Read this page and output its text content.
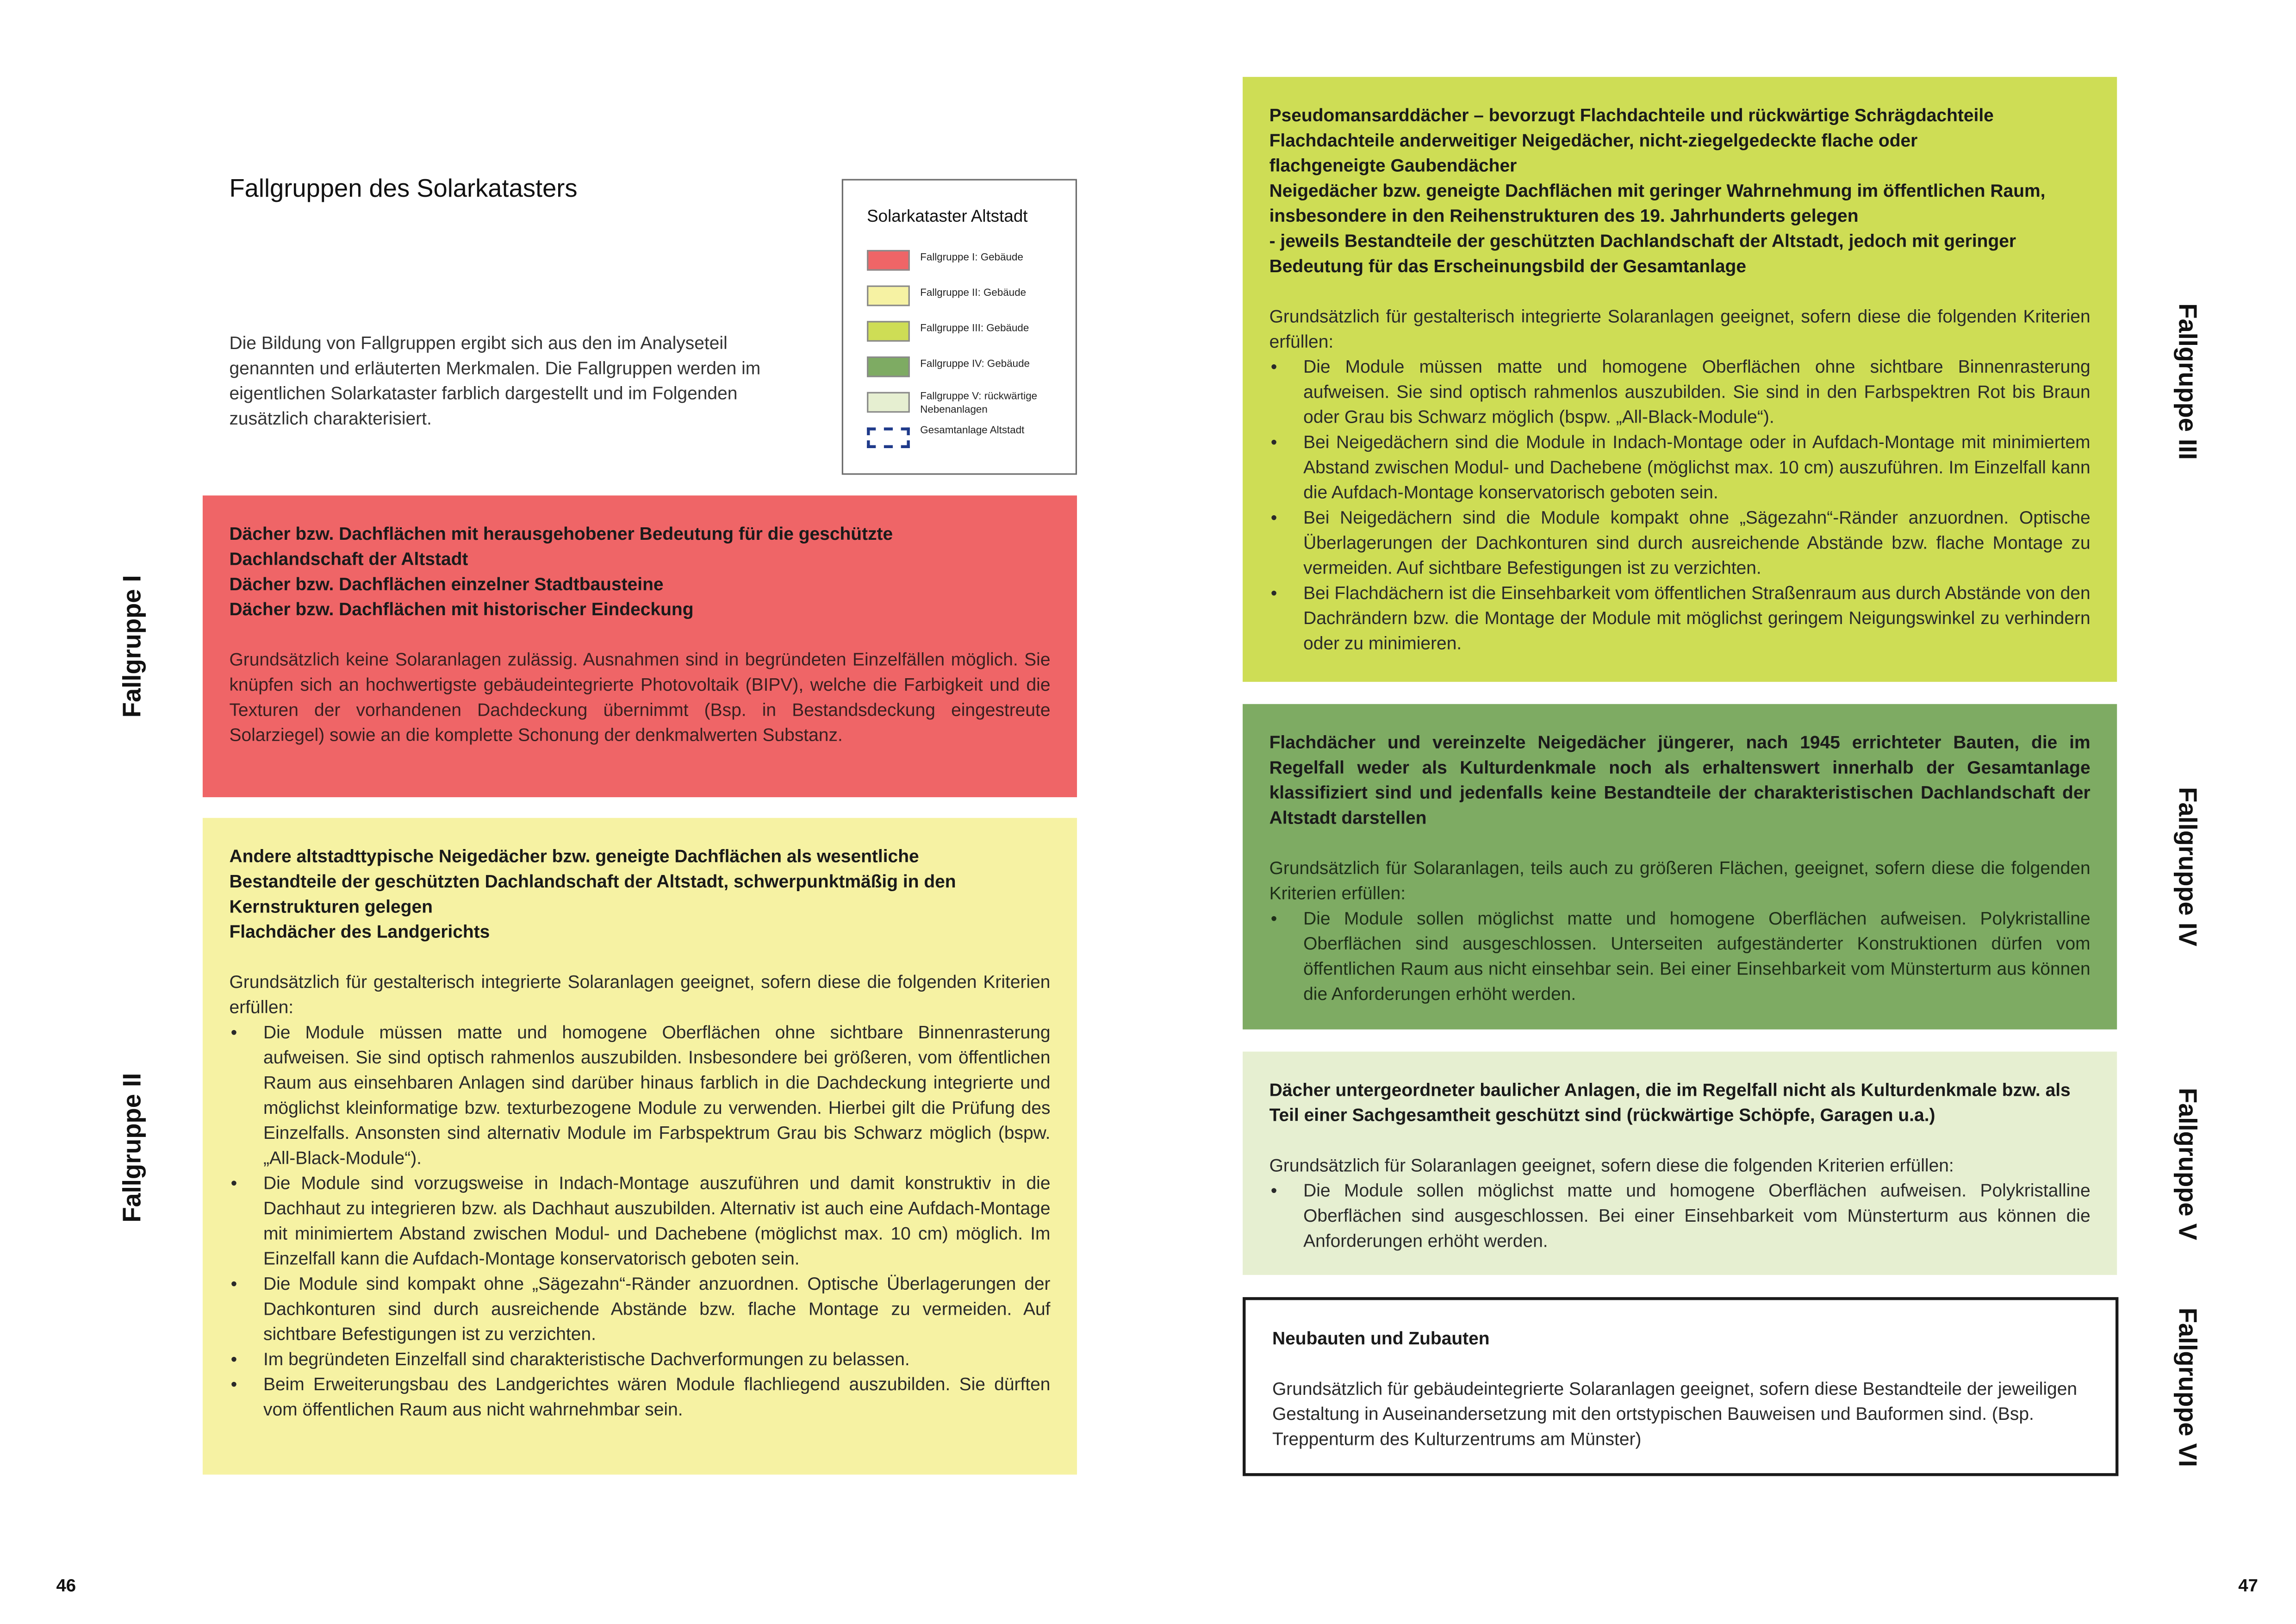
Fallgruppen des Solarkatasters
Die Bildung von Fallgruppen ergibt sich aus den im Analyseteil genannten und erläuterten Merkmalen. Die Fallgruppen werden im eigentlichen Solarkataster farblich dargestellt und im Folgenden zusätzlich charakterisiert.
Solarkataster Altstadt
Fallgruppe I: Gebäude
Fallgruppe II: Gebäude
Fallgruppe III: Gebäude
Fallgruppe IV: Gebäude
Fallgruppe V: rückwärtige Nebenanlagen
Gesamtanlage Altstadt
Dächer bzw. Dachflächen mit herausgehobener Bedeutung für die geschützte Dachlandschaft der Altstadt
Dächer bzw. Dachflächen einzelner Stadtbausteine
Dächer bzw. Dachflächen mit historischer Eindeckung
Grundsätzlich keine Solaranlagen zulässig. Ausnahmen sind in begründeten Einzelfällen möglich. Sie knüpfen sich an hochwertigste gebäudeintegrierte Photovoltaik (BIPV), welche die Farbigkeit und die Texturen der vorhandenen Dachdeckung übernimmt (Bsp. in Bestandsdeckung eingestreute Solarziegel) sowie an die komplette Schonung der denkmalwerten Substanz.
Fallgruppe I
Andere altstadttypische Neigedächer bzw. geneigte Dachflächen als wesentliche Bestandteile der geschützten Dachlandschaft der Altstadt, schwerpunktmäßig in den Kernstrukturen gelegen
Flachdächer des Landgerichts
Grundsätzlich für gestalterisch integrierte Solaranlagen geeignet, sofern diese die folgenden Kriterien erfüllen:
• Die Module müssen matte und homogene Oberflächen ohne sichtbare Binnenrasterung aufweisen. Sie sind optisch rahmenlos auszubilden. Insbesondere bei größeren, vom öffentlichen Raum aus einsehbaren Anlagen sind darüber hinaus farblich in die Dachdeckung integrierte und möglichst kleinformatige bzw. texturbezogene Module zu verwenden. Hierbei gilt die Prüfung des Einzelfalls. Ansonsten sind alternativ Module im Farbspektrum Grau bis Schwarz möglich (bspw. „All-Black-Module“).
• Die Module sind vorzugsweise in Indach-Montage auszuführen und damit konstruktiv in die Dachhaut zu integrieren bzw. als Dachhaut auszubilden. Alternativ ist auch eine Aufdach-Montage mit minimiertem Abstand zwischen Modul- und Dachebene (möglichst max. 10 cm) möglich. Im Einzelfall kann die Aufdach-Montage konservatorisch geboten sein.
• Die Module sind kompakt ohne „Sägezahn“-Ränder anzuordnen. Optische Überlagerungen der Dachkonturen sind durch ausreichende Abstände bzw. flache Montage zu vermeiden. Auf sichtbare Befestigungen ist zu verzichten.
• Im begründeten Einzelfall sind charakteristische Dachverformungen zu belassen.
• Beim Erweiterungsbau des Landgerichtes wären Module flachliegend auszubilden. Sie dürften vom öffentlichen Raum aus nicht wahrnehmbar sein.
Fallgruppe II
Pseudomansarddächer – bevorzugt Flachdachteile und rückwärtige Schrägdachteile
Flachdachteile anderweitiger Neigedächer, nicht-ziegelgedeckte flache oder flachgeneigte Gaubendächer
Neigedächer bzw. geneigte Dachflächen mit geringer Wahrnehmung im öffentlichen Raum, insbesondere in den Reihenstrukturen des 19. Jahrhunderts gelegen
- jeweils Bestandteile der geschützten Dachlandschaft der Altstadt, jedoch mit geringer Bedeutung für das Erscheinungsbild der Gesamtanlage
Grundsätzlich für gestalterisch integrierte Solaranlagen geeignet, sofern diese die folgenden Kriterien erfüllen:
• Die Module müssen matte und homogene Oberflächen ohne sichtbare Binnenrasterung aufweisen. Sie sind optisch rahmenlos auszubilden. Sie sind in den Farbspektren Rot bis Braun oder Grau bis Schwarz möglich (bspw. „All-Black-Module“).
• Bei Neigedächern sind die Module in Indach-Montage oder in Aufdach-Montage mit minimiertem Abstand zwischen Modul- und Dachebene (möglichst max. 10 cm) auszuführen. Im Einzelfall kann die Aufdach-Montage konservatorisch geboten sein.
• Bei Neigedächern sind die Module kompakt ohne „Sägezahn“-Ränder anzuordnen. Optische Überlagerungen der Dachkonturen sind durch ausreichende Abstände bzw. flache Montage zu vermeiden. Auf sichtbare Befestigungen ist zu verzichten.
• Bei Flachdächern ist die Einsehbarkeit vom öffentlichen Straßenraum aus durch Abstände von den Dachrändern bzw. die Montage der Module mit möglichst geringem Neigungswinkel zu verhindern oder zu minimieren.
Fallgruppe III
Flachdächer und vereinzelte Neigedächer jüngerer, nach 1945 errichteter Bauten, die im Regelfall weder als Kulturdenkmale noch als erhaltenswert innerhalb der Gesamtanlage klassifiziert sind und jedenfalls keine Bestandteile der charakteristischen Dachlandschaft der Altstadt darstellen
Grundsätzlich für Solaranlagen, teils auch zu größeren Flächen, geeignet, sofern diese die folgenden Kriterien erfüllen:
• Die Module sollen möglichst matte und homogene Oberflächen aufweisen. Polykristalline Oberflächen sind ausgeschlossen. Unterseiten aufgeständerter Konstruktionen dürfen vom öffentlichen Raum aus nicht einsehbar sein. Bei einer Einsehbarkeit vom Münsterturm aus können die Anforderungen erhöht werden.
Fallgruppe IV
Dächer untergeordneter baulicher Anlagen, die im Regelfall nicht als Kulturdenkmale bzw. als Teil einer Sachgesamtheit geschützt sind (rückwärtige Schöpfe, Garagen u.a.)
Grundsätzlich für Solaranlagen geeignet, sofern diese die folgenden Kriterien erfüllen:
• Die Module sollen möglichst matte und homogene Oberflächen aufweisen. Polykristalline Oberflächen sind ausgeschlossen. Bei einer Einsehbarkeit vom Münsterturm aus können die Anforderungen erhöht werden.
Fallgruppe V
Neubauten und Zubauten
Grundsätzlich für gebäudeintegrierte Solaranlagen geeignet, sofern diese Bestandteile der jeweiligen Gestaltung in Auseinandersetzung mit den ortstypischen Bauweisen und Bauformen sind. (Bsp. Treppenturm des Kulturzentrums am Münster)	Fallgruppe VI
46	47
